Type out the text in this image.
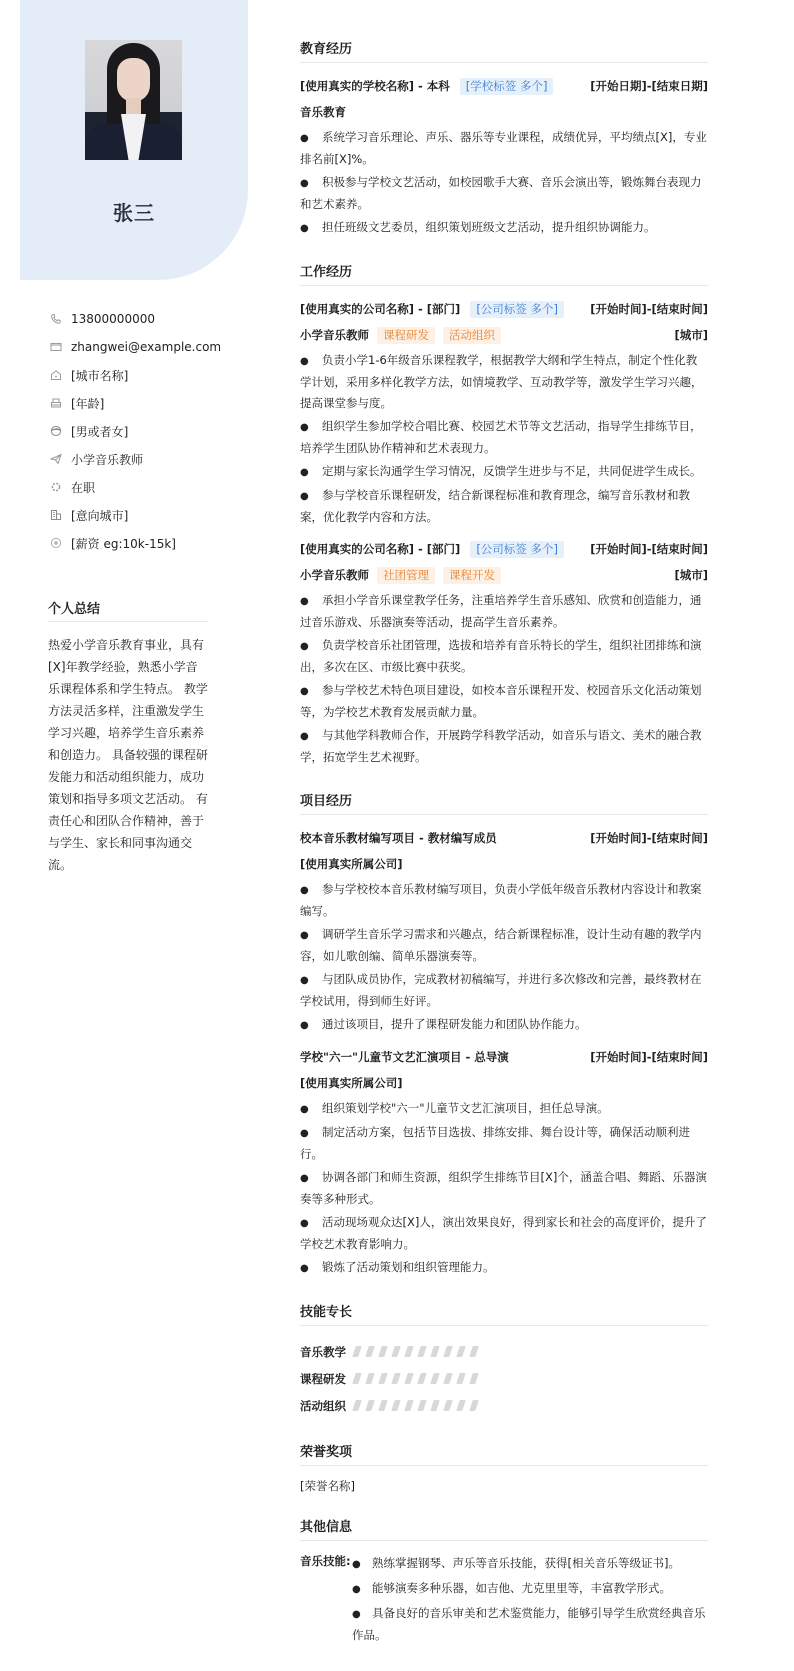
张三
13800000000
zhangwei@example.com
[城市名称]
[年龄]
[男或者女]
小学音乐教师
在职
[意向城市]
[薪资 eg:10k-15k]
个人总结

热爱小学音乐教育事业，具有[X]年教学经验，熟悉小学音乐课程体系和学生特点。 教学方法灵活多样，注重激发学生学习兴趣，培养学生音乐素养和创造力。 具备较强的课程研发能力和活动组织能力，成功策划和指导多项文艺活动。 有责任心和团队合作精神，善于与学生、家长和同事沟通交流。

教育经历
[使用真实的学校名称] - 本科	[学校标签 多个]	[开始日期]-[结束日期]
音乐教育
● 系统学习音乐理论、声乐、器乐等专业课程，成绩优异，平均绩点[X]，专业排名前[X]%。
● 积极参与学校文艺活动，如校园歌手大赛、音乐会演出等，锻炼舞台表现力和艺术素养。
● 担任班级文艺委员，组织策划班级文艺活动，提升组织协调能力。
工作经历
[使用真实的公司名称] - [部门]	[公司标签 多个]	[开始时间]-[结束时间]
小学音乐教师	课程研发	活动组织	[城市]
● 负责小学1-6年级音乐课程教学，根据教学大纲和学生特点，制定个性化教学计划，采用多样化教学方法，如情境教学、互动教学等，激发学生学习兴趣，提高课堂参与度。
● 组织学生参加学校合唱比赛、校园艺术节等文艺活动，指导学生排练节目，培养学生团队协作精神和艺术表现力。
● 定期与家长沟通学生学习情况，反馈学生进步与不足，共同促进学生成长。
● 参与学校音乐课程研发，结合新课程标准和教育理念，编写音乐教材和教案，优化教学内容和方法。
[使用真实的公司名称] - [部门]	[公司标签 多个]	[开始时间]-[结束时间]
小学音乐教师	社团管理	课程开发	[城市]
● 承担小学音乐课堂教学任务，注重培养学生音乐感知、欣赏和创造能力，通过音乐游戏、乐器演奏等活动，提高学生音乐素养。
● 负责学校音乐社团管理，选拔和培养有音乐特长的学生，组织社团排练和演出，多次在区、市级比赛中获奖。
● 参与学校艺术特色项目建设，如校本音乐课程开发、校园音乐文化活动策划等，为学校艺术教育发展贡献力量。
● 与其他学科教师合作，开展跨学科教学活动，如音乐与语文、美术的融合教学，拓宽学生艺术视野。
项目经历
校本音乐教材编写项目 - 教材编写成员	[开始时间]-[结束时间]
[使用真实所属公司]
● 参与学校校本音乐教材编写项目，负责小学低年级音乐教材内容设计和教案编写。
● 调研学生音乐学习需求和兴趣点，结合新课程标准，设计生动有趣的教学内容，如儿歌创编、简单乐器演奏等。
● 与团队成员协作，完成教材初稿编写，并进行多次修改和完善，最终教材在学校试用，得到师生好评。
● 通过该项目，提升了课程研发能力和团队协作能力。
学校"六一"儿童节文艺汇演项目 - 总导演	[开始时间]-[结束时间]
[使用真实所属公司]
● 组织策划学校"六一"儿童节文艺汇演项目，担任总导演。
● 制定活动方案，包括节目选拔、排练安排、舞台设计等，确保活动顺利进行。
● 协调各部门和师生资源，组织学生排练节目[X]个，涵盖合唱、舞蹈、乐器演奏等多种形式。
● 活动现场观众达[X]人，演出效果良好，得到家长和社会的高度评价，提升了学校艺术教育影响力。
● 锻炼了活动策划和组织管理能力。
技能专长
音乐教学
课程研发
活动组织
荣誉奖项
[荣誉名称]
其他信息
音乐技能: ● 熟练掌握钢琴、声乐等音乐技能，获得[相关音乐等级证书]。
● 能够演奏多种乐器，如吉他、尤克里里等，丰富教学形式。
● 具备良好的音乐审美和艺术鉴赏能力，能够引导学生欣赏经典音乐作品。
